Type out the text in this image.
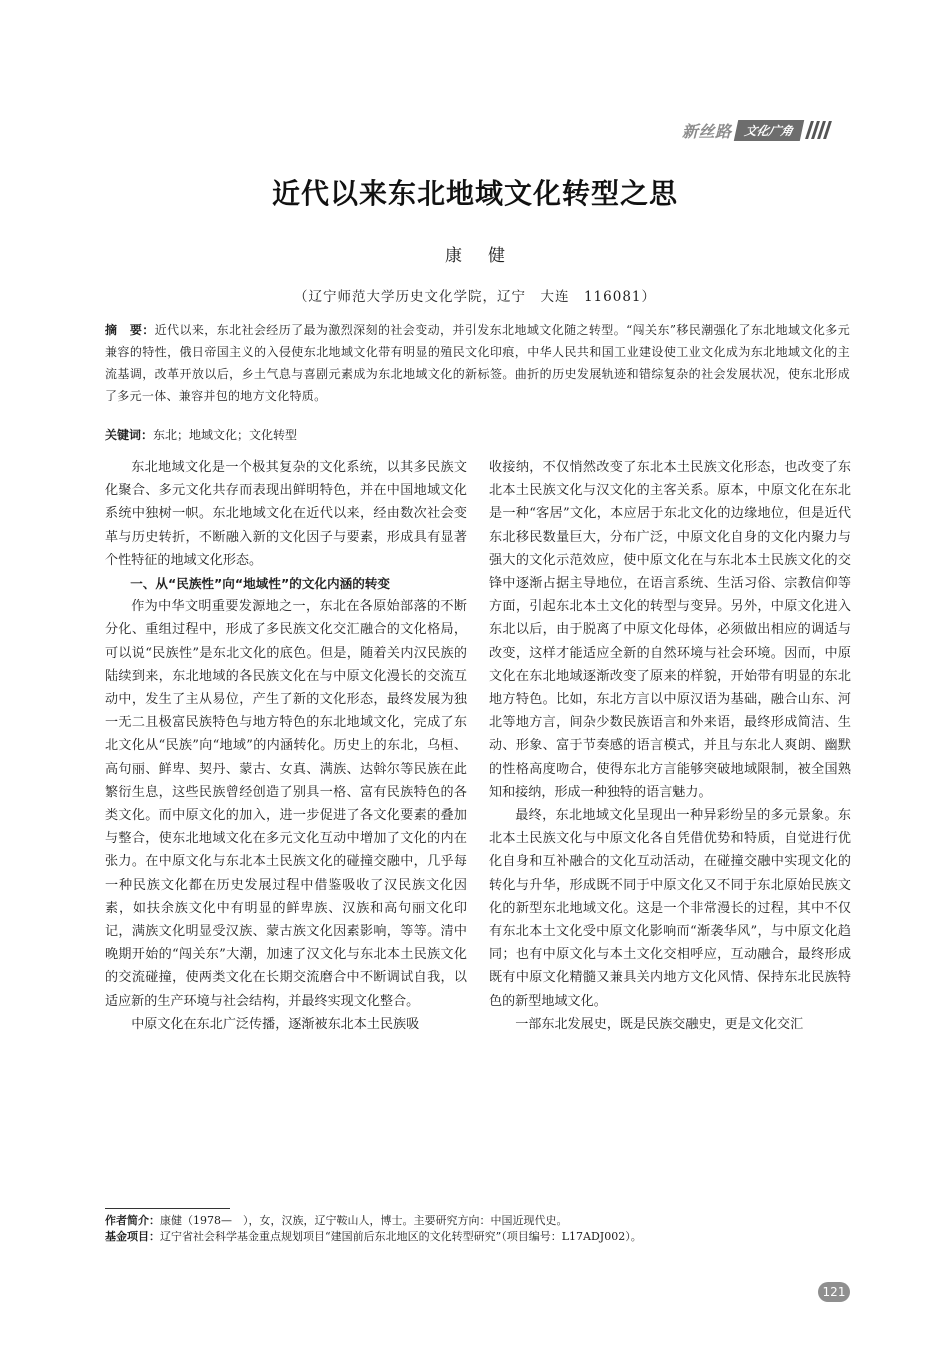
新丝路 文化广角
近代以来东北地域文化转型之思
康健
（辽宁师范大学历史文化学院，辽宁　大连　116081）
摘　要：近代以来，东北社会经历了最为激烈深刻的社会变动，并引发东北地域文化随之转型。“闯关东”移民潮强化了东北地域文化多元兼容的特性，俄日帝国主义的入侵使东北地域文化带有明显的殖民文化印痕，中华人民共和国工业建设使工业文化成为东北地域文化的主流基调，改革开放以后，乡土气息与喜剧元素成为东北地域文化的新标签。曲折的历史发展轨迹和错综复杂的社会发展状况，使东北形成了多元一体、兼容并包的地方文化特质。
关键词：东北；地域文化；文化转型

东北地域文化是一个极其复杂的文化系统，以其多民族文化聚合、多元文化共存而表现出鲜明特色，并在中国地域文化系统中独树一帜。东北地域文化在近代以来，经由数次社会变革与历史转折，不断融入新的文化因子与要素，形成具有显著个性特征的地域文化形态。

一、从“民族性”向“地域性”的文化内涵的转变

作为中华文明重要发源地之一，东北在各原始部落的不断分化、重组过程中，形成了多民族文化交汇融合的文化格局，可以说“民族性”是东北文化的底色。但是，随着关内汉民族的陆续到来，东北地域的各民族文化在与中原文化漫长的交流互动中，发生了主从易位，产生了新的文化形态，最终发展为独一无二且极富民族特色与地方特色的东北地域文化，完成了东北文化从“民族”向“地域”的内涵转化。历史上的东北，乌桓、高句丽、鲜卑、契丹、蒙古、女真、满族、达斡尔等民族在此繁衍生息，这些民族曾经创造了别具一格、富有民族特色的各类文化。而中原文化的加入，进一步促进了各文化要素的叠加与整合，使东北地域文化在多元文化互动中增加了文化的内在张力。在中原文化与东北本土民族文化的碰撞交融中，几乎每一种民族文化都在历史发展过程中借鉴吸收了汉民族文化因素，如扶余族文化中有明显的鲜卑族、汉族和高句丽文化印记，满族文化明显受汉族、蒙古族文化因素影响，等等。清中晚期开始的“闯关东”大潮，加速了汉文化与东北本土民族文化的交流碰撞，使两类文化在长期交流磨合中不断调试自我，以适应新的生产环境与社会结构，并最终实现文化整合。

中原文化在东北广泛传播，逐渐被东北本土民族吸

收接纳，不仅悄然改变了东北本土民族文化形态，也改变了东北本土民族文化与汉文化的主客关系。原本，中原文化在东北是一种“客居”文化，本应居于东北文化的边缘地位，但是近代东北移民数量巨大，分布广泛，中原文化自身的文化内聚力与强大的文化示范效应，使中原文化在与东北本土民族文化的交锋中逐渐占据主导地位，在语言系统、生活习俗、宗教信仰等方面，引起东北本土文化的转型与变异。另外，中原文化进入东北以后，由于脱离了中原文化母体，必须做出相应的调适与改变，这样才能适应全新的自然环境与社会环境。因而，中原文化在东北地域逐渐改变了原来的样貌，开始带有明显的东北地方特色。比如，东北方言以中原汉语为基础，融合山东、河北等地方言，间杂少数民族语言和外来语，最终形成简洁、生动、形象、富于节奏感的语言模式，并且与东北人爽朗、幽默的性格高度吻合，使得东北方言能够突破地域限制，被全国熟知和接纳，形成一种独特的语言魅力。

最终，东北地域文化呈现出一种异彩纷呈的多元景象。东北本土民族文化与中原文化各自凭借优势和特质，自觉进行优化自身和互补融合的文化互动活动，在碰撞交融中实现文化的转化与升华，形成既不同于中原文化又不同于东北原始民族文化的新型东北地域文化。这是一个非常漫长的过程，其中不仅有东北本土文化受中原文化影响而“渐袭华风”，与中原文化趋同；也有中原文化与本土文化交相呼应，互动融合，最终形成既有中原文化精髓又兼具关内地方文化风情、保持东北民族特色的新型地域文化。

一部东北发展史，既是民族交融史，更是文化交汇

作者简介：康健（1978—　），女，汉族，辽宁鞍山人，博士。主要研究方向：中国近现代史。
基金项目：辽宁省社会科学基金重点规划项目“建国前后东北地区的文化转型研究”（项目编号：L17ADJ002）。
121
